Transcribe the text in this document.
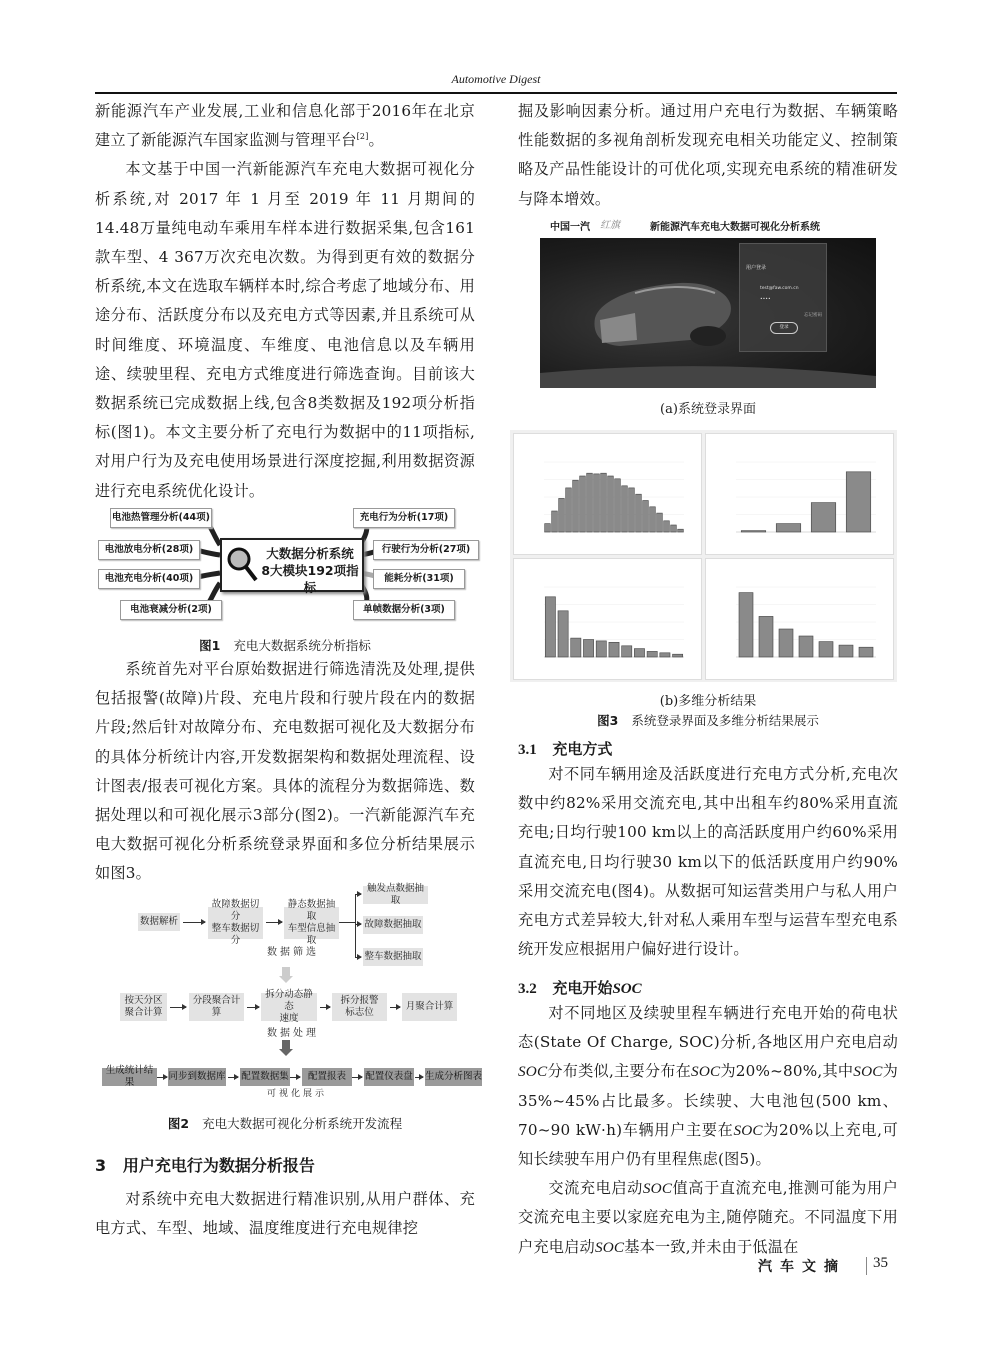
Automotive Digest

新能源汽车产业发展,工业和信息化部于2016年在北京建立了新能源汽车国家监测与管理平台[2]。

本文基于中国一汽新能源汽车充电大数据可视化分析系统,对 2017 年 1 月至 2019 年 11 月期间的14.48万量纯电动车乘用车样本进行数据采集,包含161 款车型、4 367万次充电次数。为得到更有效的数据分析系统,本文在选取车辆样本时,综合考虑了地域分布、用途分布、活跃度分布以及充电方式等因素,并且系统可从时间维度、环境温度、车维度、电池信息以及车辆用途、续驶里程、充电方式维度进行筛选查询。目前该大数据系统已完成数据上线,包含8类数据及192项分析指标(图1)。本文主要分析了充电行为数据中的11项指标,对用户行为及充电使用场景进行深度挖掘,利用数据资源进行充电系统优化设计。

电池热管理分析(44项)
电池放电分析(28项)
电池充电分析(40项)
电池衰减分析(2项)
充电行为分析(17项)
行驶行为分析(27项)
能耗分析(31项)
单帧数据分析(3项)
大数据分析系统
8大模块192项指标
图1 充电大数据系统分析指标

系统首先对平台原始数据进行筛选清洗及处理,提供包括报警(故障)片段、充电片段和行驶片段在内的数据片段;然后针对故障分布、充电数据可视化及大数据分布的具体分析统计内容,开发数据架构和数据处理流程、设计图表/报表可视化方案。具体的流程分为数据筛选、数据处理以和可视化展示3部分(图2)。一汽新能源汽车充电大数据可视化分析系统登录界面和多位分析结果展示如图3。

数据解析
故障数据切分
整车数据切分
静态数据抽取
车型信息抽取
触发点数据抽取
故障数据抽取
整车数据抽取
数据筛选
按天分区
聚合计算
分段聚合计算
拆分动态静态
速度
拆分报警
标志位
月聚合计算
数据处理
生成统计结果
同步到数据库 配置数据集	配置报表	配置仪表盘 生成分析图表
可视化展示
图2 充电大数据可视化分析系统开发流程
3 用户充电行为数据分析报告

对系统中充电大数据进行精准识别,从用户群体、充电方式、车型、地域、温度维度进行充电规律挖

掘及影响因素分析。通过用户充电行为数据、车辆策略性能数据的多视角剖析发现充电相关功能定义、控制策略及产品性能设计的可优化项,实现充电系统的精准研发与降本增效。

中国一汽 红旗	新能源汽车充电大数据可视化分析系统
用户登录
test@faw.com.cn
••••
忘记密码
登录
(a)系统登录界面
(b)多维分析结果
图3 系统登录界面及多维分析结果展示
3.1 充电方式

对不同车辆用途及活跃度进行充电方式分析,充电次数中约82%采用交流充电,其中出租车约80%采用直流充电;日均行驶100 km以上的高活跃度用户约60%采用直流充电,日均行驶30 km以下的低活跃度用户约90%采用交流充电(图4)。从数据可知运营类用户与私人用户充电方式差异较大,针对私人乘用车型与运营车型充电系统开发应根据用户偏好进行设计。

3.2 充电开始SOC

对不同地区及续驶里程车辆进行充电开始的荷电状态(State Of Charge, SOC)分析,各地区用户充电启动SOC分布类似,主要分布在SOC为20%~80%,其中SOC为35%~45%占比最多。长续驶、大电池包(500 km、70~90 kW·h)车辆用户主要在SOC为20%以上充电,可知长续驶车用户仍有里程焦虑(图5)。

交流充电启动SOC值高于直流充电,推测可能为用户交流充电主要以家庭充电为主,随停随充。不同温度下用户充电启动SOC基本一致,并未由于低温在

汽车文摘 35
